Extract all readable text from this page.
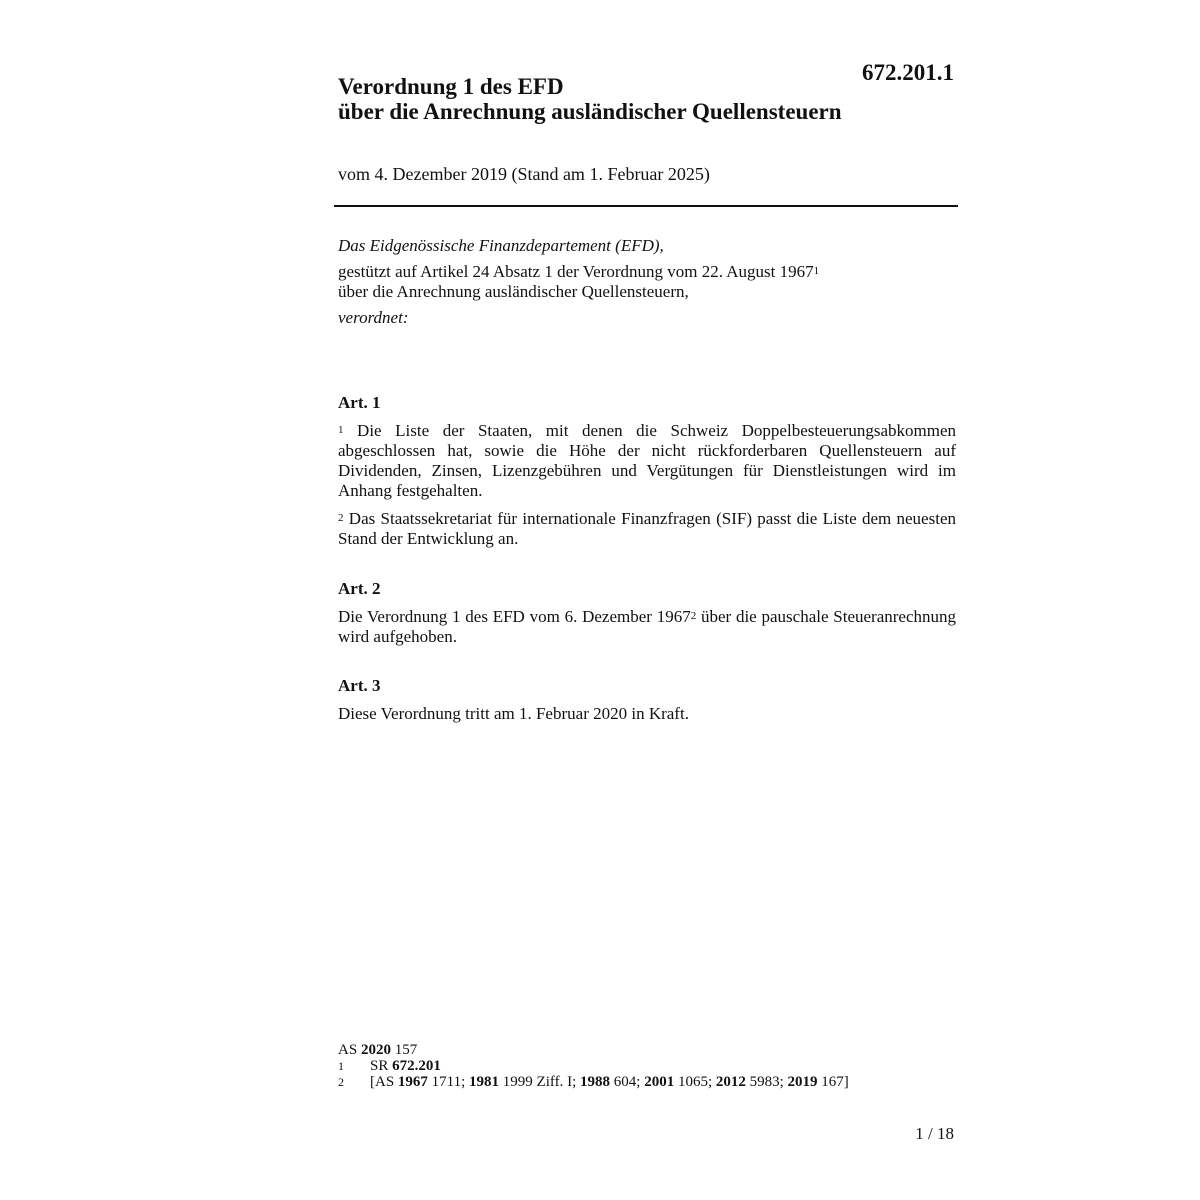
672.201.1
Verordnung 1 des EFD
über die Anrechnung ausländischer Quellensteuern
vom 4. Dezember 2019 (Stand am 1. Februar 2025)
Das Eidgenössische Finanzdepartement (EFD),
gestützt auf Artikel 24 Absatz 1 der Verordnung vom 22. August 1967$^1$
über die Anrechnung ausländischer Quellensteuern,
verordnet:
Art. 1
$^1$ Die Liste der Staaten, mit denen die Schweiz Doppelbesteuerungsabkommen abgeschlossen hat, sowie die Höhe der nicht rückforderbaren Quellensteuern auf Dividenden, Zinsen, Lizenzgebühren und Vergütungen für Dienstleistungen wird im Anhang festgehalten.
$^2$ Das Staatssekretariat für internationale Finanzfragen (SIF) passt die Liste dem neuesten Stand der Entwicklung an.
Art. 2
Die Verordnung 1 des EFD vom 6. Dezember 1967$^2$ über die pauschale Steueranrechnung wird aufgehoben.
Art. 3
Diese Verordnung tritt am 1. Februar 2020 in Kraft.
AS 2020 157
1	SR 672.201
2	[AS 1967 1711; 1981 1999 Ziff. I; 1988 604; 2001 1065; 2012 5983; 2019 167]
1 / 18
